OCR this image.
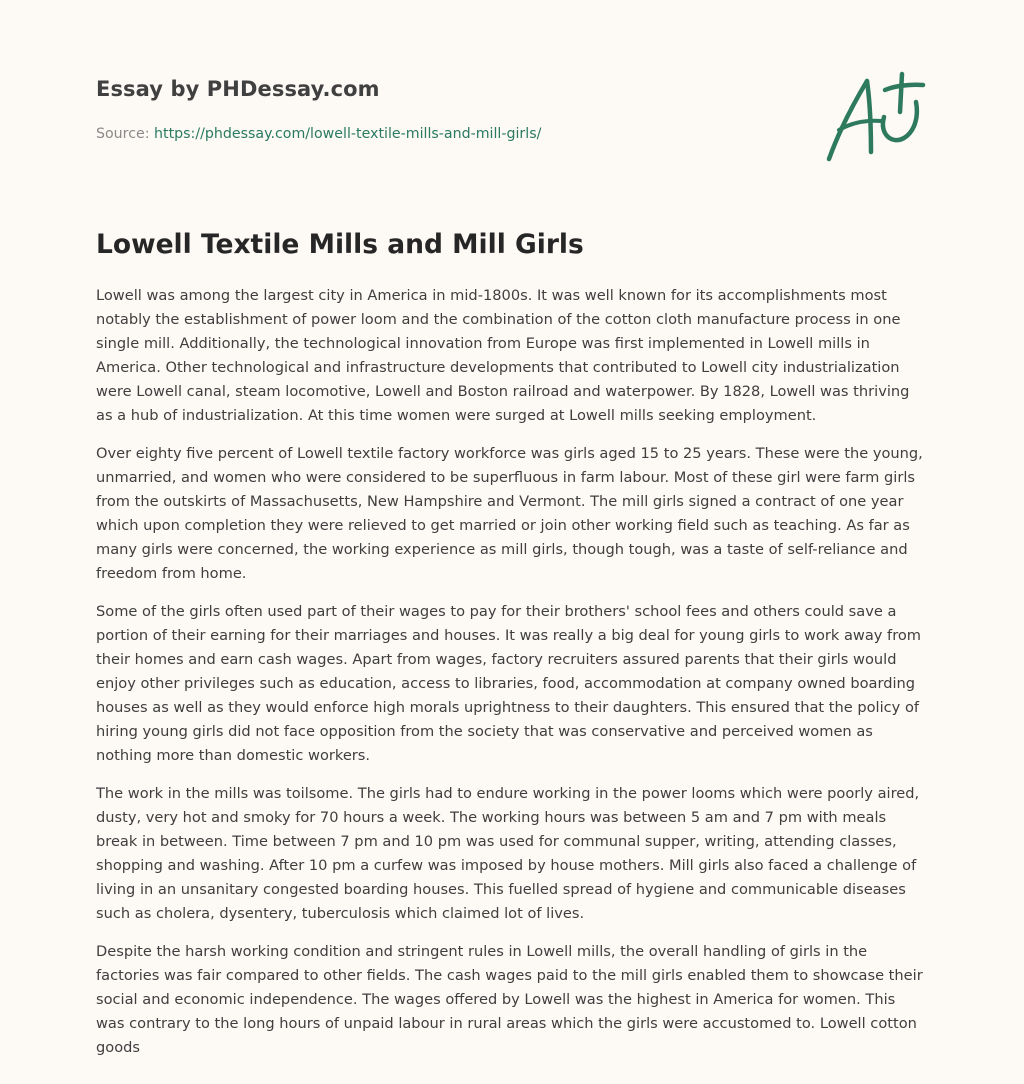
Essay by PHDessay.com
Source: https://phdessay.com/lowell-textile-mills-and-mill-girls/
Lowell Textile Mills and Mill Girls

Lowell was among the largest city in America in mid-1800s. It was well known for its accomplishments most notably the establishment of power loom and the combination of the cotton cloth manufacture process in one single mill. Additionally, the technological innovation from Europe was first implemented in Lowell mills in America. Other technological and infrastructure developments that contributed to Lowell city industrialization were Lowell canal, steam locomotive, Lowell and Boston railroad and waterpower. By 1828, Lowell was thriving as a hub of industrialization. At this time women were surged at Lowell mills seeking employment.

Over eighty five percent of Lowell textile factory workforce was girls aged 15 to 25 years. These were the young, unmarried, and women who were considered to be superfluous in farm labour. Most of these girl were farm girls from the outskirts of Massachusetts, New Hampshire and Vermont. The mill girls signed a contract of one year which upon completion they were relieved to get married or join other working field such as teaching. As far as many girls were concerned, the working experience as mill girls, though tough, was a taste of self-reliance and freedom from home.

Some of the girls often used part of their wages to pay for their brothers' school fees and others could save a portion of their earning for their marriages and houses. It was really a big deal for young girls to work away from their homes and earn cash wages. Apart from wages, factory recruiters assured parents that their girls would enjoy other privileges such as education, access to libraries, food, accommodation at company owned boarding houses as well as they would enforce high morals uprightness to their daughters. This ensured that the policy of hiring young girls did not face opposition from the society that was conservative and perceived women as nothing more than domestic workers.

The work in the mills was toilsome. The girls had to endure working in the power looms which were poorly aired, dusty, very hot and smoky for 70 hours a week. The working hours was between 5 am and 7 pm with meals break in between. Time between 7 pm and 10 pm was used for communal supper, writing, attending classes, shopping and washing. After 10 pm a curfew was imposed by house mothers. Mill girls also faced a challenge of living in an unsanitary congested boarding houses. This fuelled spread of hygiene and communicable diseases such as cholera, dysentery, tuberculosis which claimed lot of lives.

Despite the harsh working condition and stringent rules in Lowell mills, the overall handling of girls in the factories was fair compared to other fields. The cash wages paid to the mill girls enabled them to showcase their social and economic independence. The wages offered by Lowell was the highest in America for women. This was contrary to the long hours of unpaid labour in rural areas which the girls were accustomed to. Lowell cotton goods
